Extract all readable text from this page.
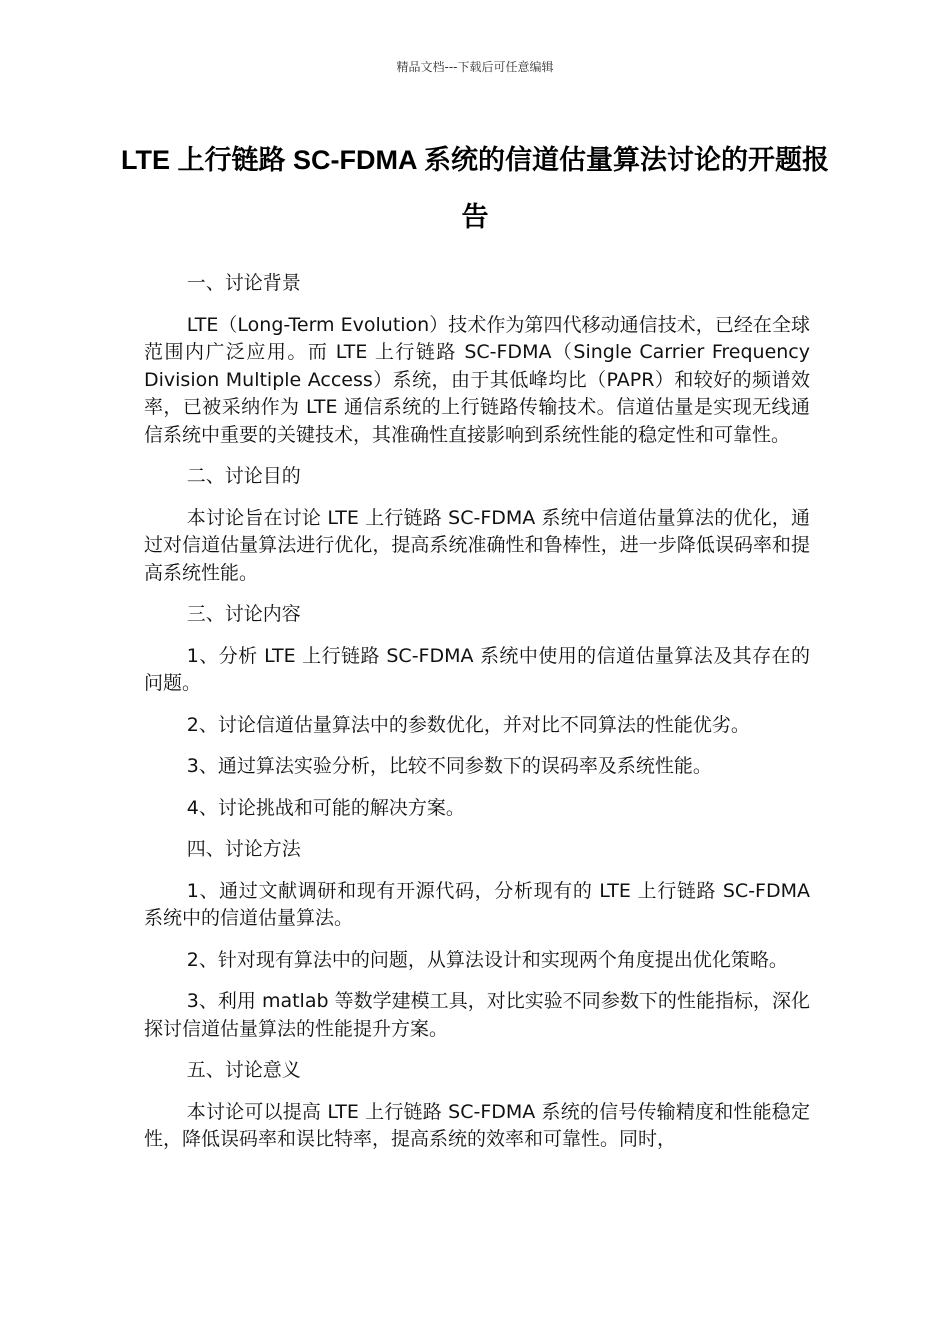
精品文档---下载后可任意编辑
LTE 上行链路 SC-FDMA 系统的信道估量算法讨论的开题报告

一、讨论背景

LTE（Long-Term Evolution）技术作为第四代移动通信技术，已经在全球范围内广泛应用。而 LTE 上行链路 SC-FDMA（Single Carrier Frequency Division Multiple Access）系统，由于其低峰均比（PAPR）和较好的频谱效率，已被采纳作为 LTE 通信系统的上行链路传输技术。信道估量是实现无线通信系统中重要的关键技术，其准确性直接影响到系统性能的稳定性和可靠性。

二、讨论目的

本讨论旨在讨论 LTE 上行链路 SC-FDMA 系统中信道估量算法的优化，通过对信道估量算法进行优化，提高系统准确性和鲁棒性，进一步降低误码率和提高系统性能。

三、讨论内容

1、分析 LTE 上行链路 SC-FDMA 系统中使用的信道估量算法及其存在的问题。

2、讨论信道估量算法中的参数优化，并对比不同算法的性能优劣。

3、通过算法实验分析，比较不同参数下的误码率及系统性能。

4、讨论挑战和可能的解决方案。

四、讨论方法

1、通过文献调研和现有开源代码，分析现有的 LTE 上行链路 SC-FDMA 系统中的信道估量算法。

2、针对现有算法中的问题，从算法设计和实现两个角度提出优化策略。

3、利用 matlab 等数学建模工具，对比实验不同参数下的性能指标，深化探讨信道估量算法的性能提升方案。

五、讨论意义

本讨论可以提高 LTE 上行链路 SC-FDMA 系统的信号传输精度和性能稳定性，降低误码率和误比特率，提高系统的效率和可靠性。同时，
